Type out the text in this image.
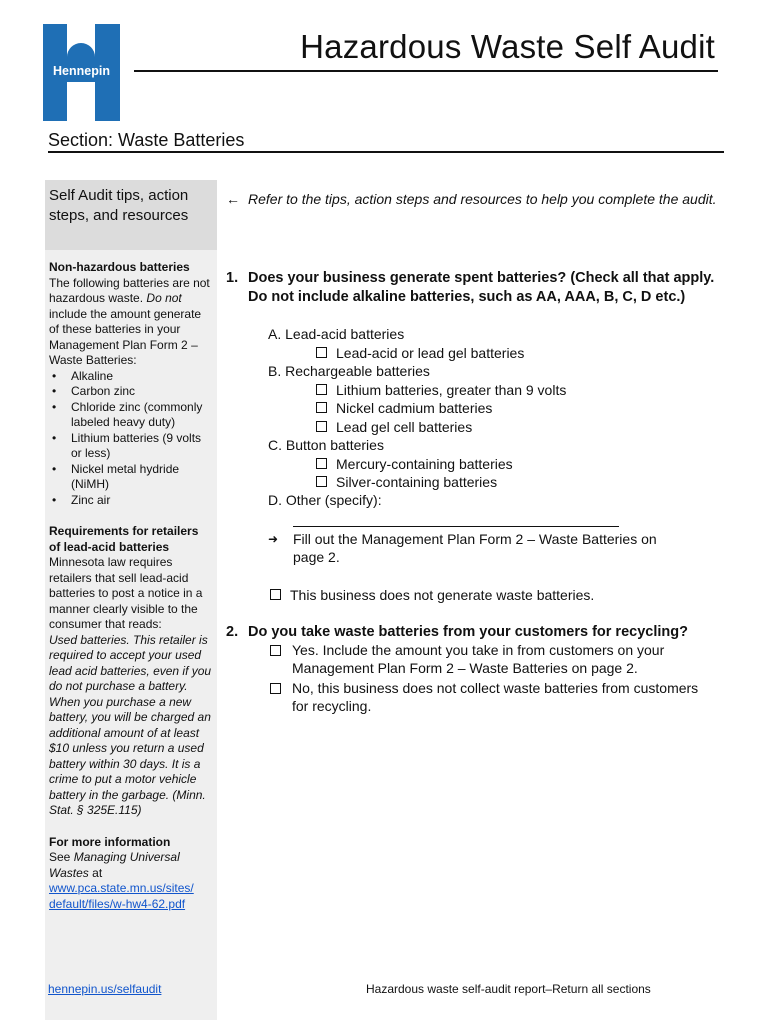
Hennepin
Hazardous Waste Self Audit
Section: Waste Batteries
Self Audit tips, action steps, and resources
Non-hazardous batteries

The following batteries are not hazardous waste. Do not include the amount generate of these batteries in your Management Plan Form 2 – Waste Batteries:

• Alkaline
• Carbon zinc
• Chloride zinc (commonly labeled heavy duty)
• Lithium batteries (9 volts or less)
• Nickel metal hydride (NiMH)
• Zinc air
Requirements for retailers of lead-acid batteries

Minnesota law requires retailers that sell lead-acid batteries to post a notice in a manner clearly visible to the consumer that reads:

Used batteries. This retailer is required to accept your used lead acid batteries, even if you do not purchase a battery. When you purchase a new battery, you will be charged an additional amount of at least $10 unless you return a used battery within 30 days. It is a crime to put a motor vehicle battery in the garbage. (Minn. Stat. § 325E.115)

For more information

See Managing Universal Wastes at

www.pca.state.mn.us/sites/
default/files/w-hw4-62.pdf

← Refer to the tips, action steps and resources to help you complete the audit.
1. Does your business generate spent batteries? (Check all that apply. Do not include alkaline batteries, such as AA, AAA, B, C, D etc.)
A. Lead-acid batteries
Lead-acid or lead gel batteries
B. Rechargeable batteries
Lithium batteries, greater than 9 volts
Nickel cadmium batteries
Lead gel cell batteries
C. Button batteries
Mercury-containing batteries
Silver-containing batteries
D. Other (specify):
➜	Fill out the Management Plan Form 2 – Waste Batteries on page 2.
This business does not generate waste batteries.
2. Do you take waste batteries from your customers for recycling?
Yes. Include the amount you take in from customers on your Management Plan Form 2 – Waste Batteries on page 2.
No, this business does not collect waste batteries from customers for recycling.
hennepin.us/selfaudit	Hazardous waste self-audit report–Return all sections
